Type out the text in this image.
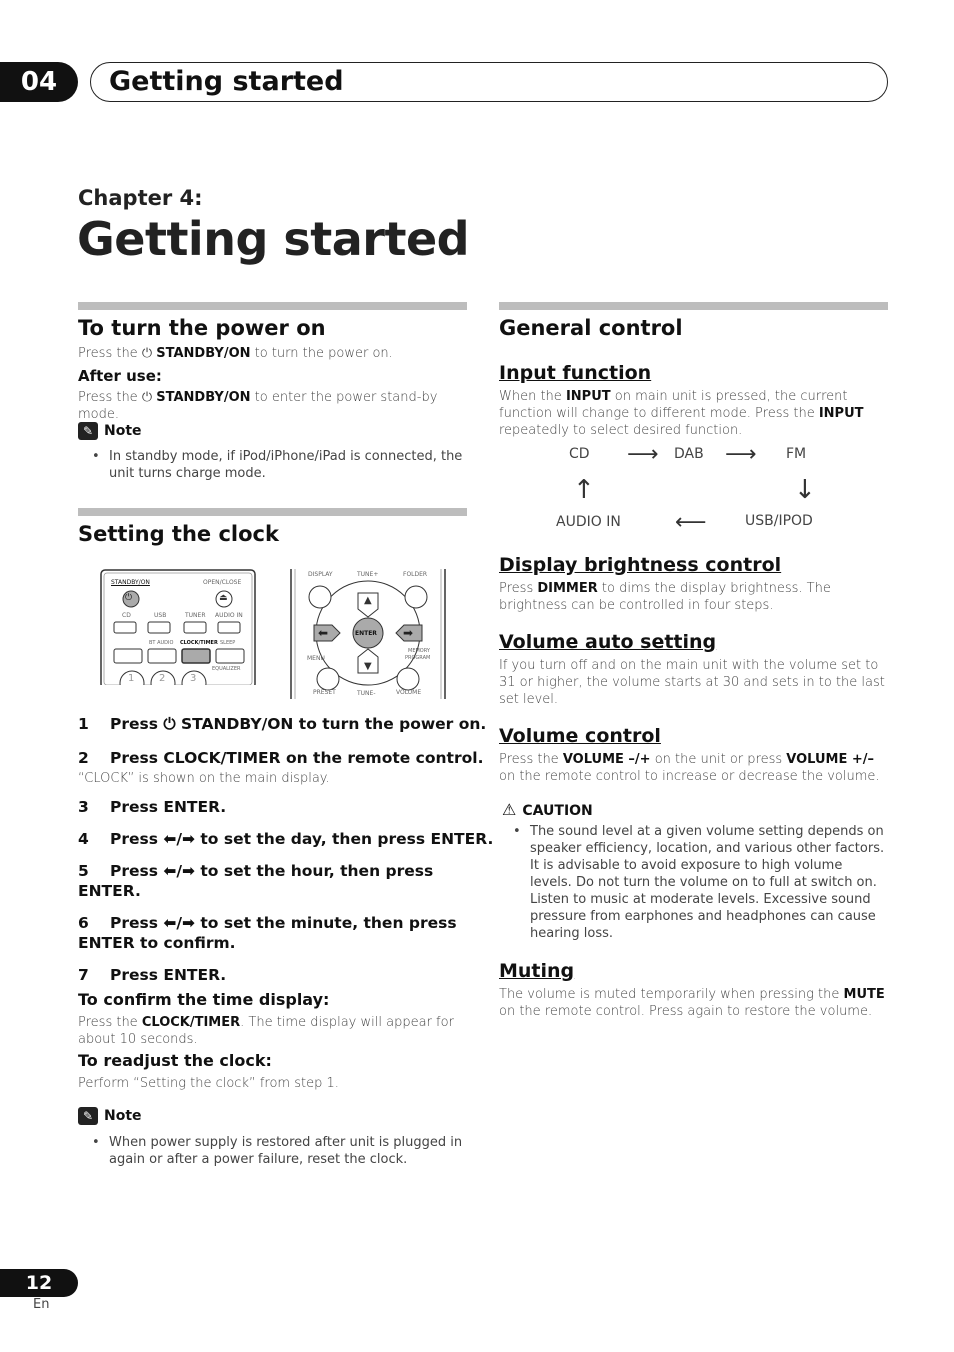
04	Getting started
Chapter 4:
Getting started
To turn the power on
Press the ⏻ STANDBY/ON to turn the power on.
After use:
Press the ⏻ STANDBY/ON to enter the power stand-by mode.
✎ Note
• In standby mode, if iPod/iPhone/iPad is connected, the unit turns charge mode.
Setting the clock
STANDBY/ON	OPEN/CLOSE
⏻	⏏
CD	USB	TUNER AUDIO IN
BT AUDIO CLOCK/TIMER SLEEP
EQUALIZER
1 2 3
DISPLAY	TUNE+	FOLDER
▲
▼
⬅	➡
ENTER
MENU
MEMORY
PROGRAM
PRESET	TUNE-	VOLUME
1 Press ⏻ STANDBY/ON to turn the power on.
2 Press CLOCK/TIMER on the remote control.
“CLOCK” is shown on the main display.
3 Press ENTER.
4 Press ⬅/➡ to set the day, then press ENTER.
5 Press ⬅/➡ to set the hour, then press
ENTER.
6 Press ⬅/➡ to set the minute, then press
ENTER to confirm.
7 Press ENTER.
To confirm the time display:
Press the CLOCK/TIMER. The time display will appear for about 10 seconds.
To readjust the clock:
Perform “Setting the clock” from step 1.
✎ Note
• When power supply is restored after unit is plugged in again or after a power failure, reset the clock.
General control
Input function
When the INPUT on main unit is pressed, the current function will change to different mode. Press the INPUT repeatedly to select desired function.
CD ⟶ DAB ⟶ FM
↑	↓
AUDIO IN ⟵	USB/IPOD
Display brightness control
Press DIMMER to dims the display brightness. The brightness can be controlled in four steps.
Volume auto setting
If you turn off and on the main unit with the volume set to 31 or higher, the volume starts at 30 and sets in to the last set level.
Volume control
Press the VOLUME –/+ on the unit or press VOLUME +/– on the remote control to increase or decrease the volume.
⚠ CAUTION
• The sound level at a given volume setting depends on speaker efficiency, location, and various other factors. It is advisable to avoid exposure to high volume levels. Do not turn the volume on to full at switch on. Listen to music at moderate levels. Excessive sound pressure from earphones and headphones can cause hearing loss.
Muting
The volume is muted temporarily when pressing the MUTE on the remote control. Press again to restore the volume.
12
En
